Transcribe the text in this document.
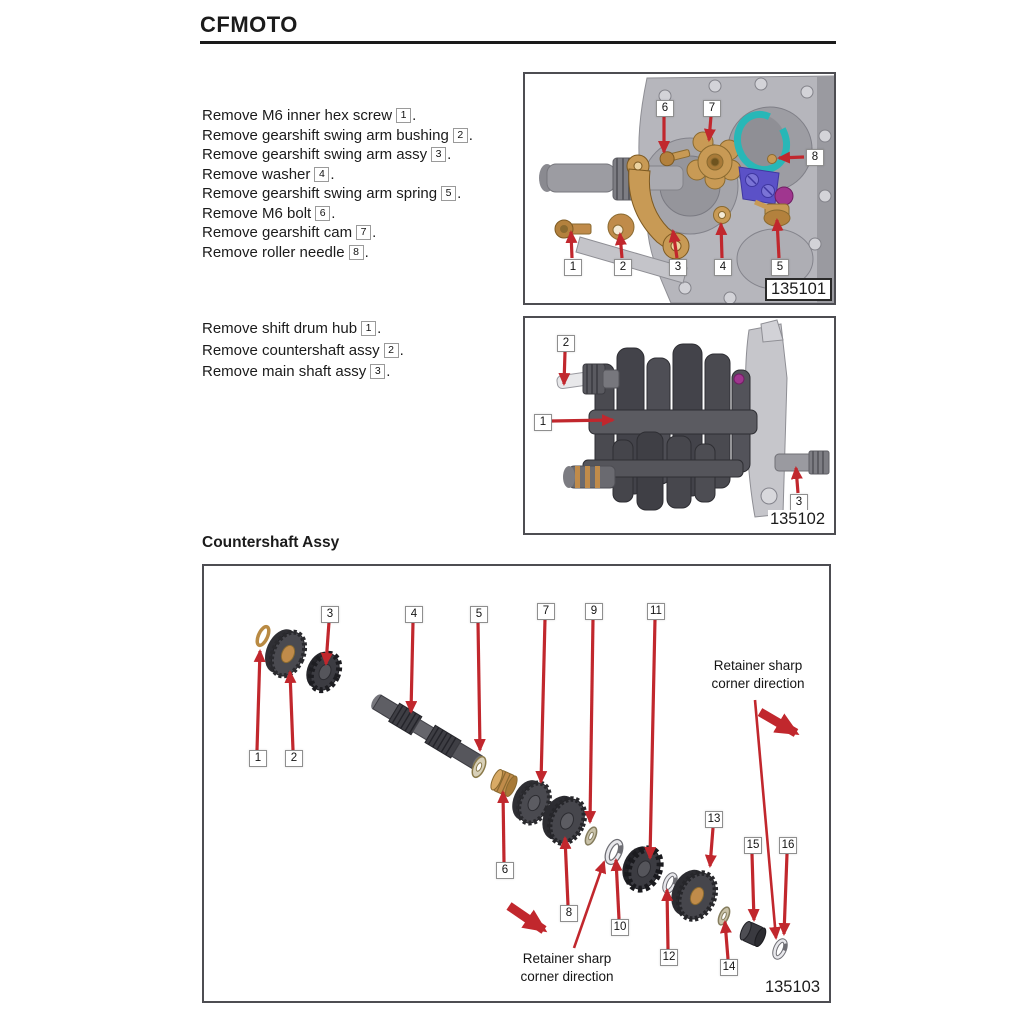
CFMOTO
Remove M6 inner hex screw 1 .
Remove gearshift swing arm bushing 2 .
Remove gearshift swing arm assy 3 .
Remove washer 4 .
Remove gearshift swing arm spring 5 .
Remove M6 bolt 6 .
Remove gearshift cam 7 .
Remove roller needle 8 .
Remove shift drum hub 1 .
Remove countershaft assy 2 .
Remove main shaft assy 3 .
Countershaft Assy
1	2	3	4	5
6	7
8
135101
1
2
3
135102
1	2
3	4	5
6
7
8
9
10
11
12
13
14
15 16
Retainer sharp
corner direction
Retainer sharp
corner direction
135103
